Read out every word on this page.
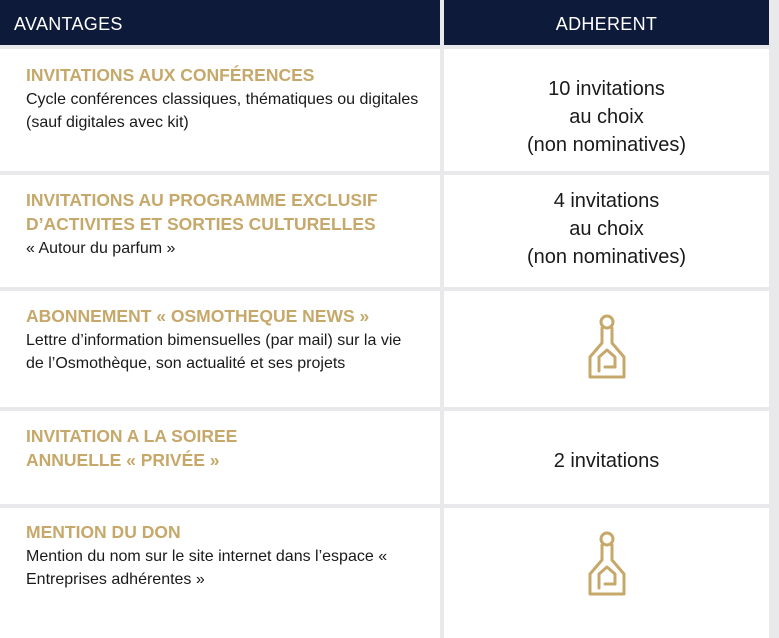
AVANTAGES	ADHERENT
INVITATIONS AUX CONFÉRENCES
Cycle conférences classiques, thématiques ou digitales (sauf digitales avec kit)
10 invitations
au choix
(non nominatives)
INVITATIONS AU PROGRAMME EXCLUSIF
D’ACTIVITES ET SORTIES CULTURELLES
« Autour du parfum »
4 invitations
au choix
(non nominatives)
ABONNEMENT « OSMOTHEQUE NEWS »
Lettre d’information bimensuelles (par mail) sur la vie de l’Osmothèque, son actualité et ses projets
INVITATION A LA SOIREE
ANNUELLE « PRIVÉE »	2 invitations
MENTION DU DON
Mention du nom sur le site internet dans l’espace « Entreprises adhérentes »
